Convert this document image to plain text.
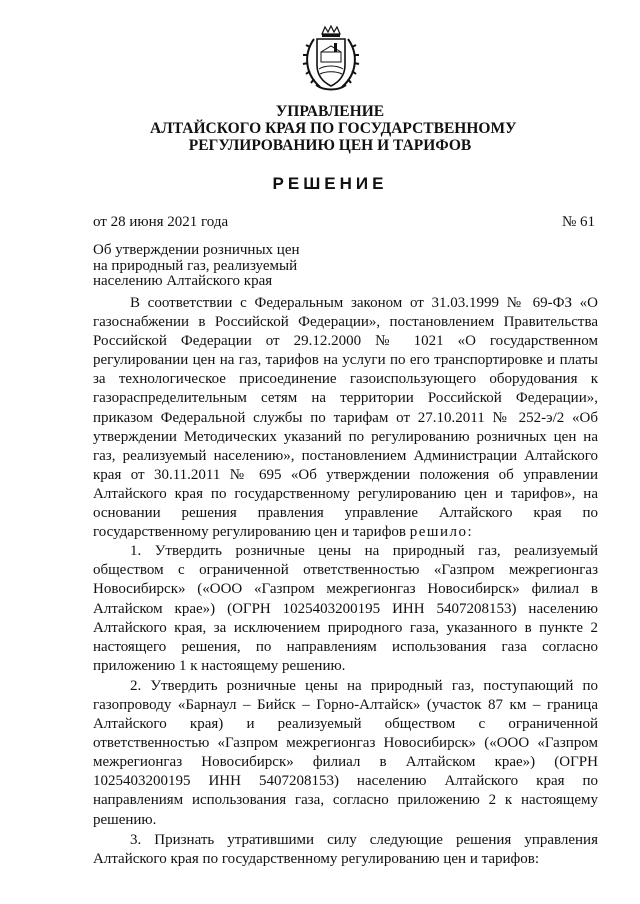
УПРАВЛЕНИЕ
АЛТАЙСКОГО КРАЯ ПО ГОСУДАРСТВЕННОМУ
РЕГУЛИРОВАНИЮ ЦЕН И ТАРИФОВ
РЕШЕНИЕ
от 28 июня 2021 года	№ 61
Об утверждении розничных цен
на природный газ, реализуемый
населению Алтайского края

В соответствии с Федеральным законом от 31.03.1999 № 69-ФЗ «О газоснабжении в Российской Федерации», постановлением Правительства Российской Федерации от 29.12.2000 № 1021 «О государственном регулировании цен на газ, тарифов на услуги по его транспортировке и платы за технологическое присоединение газоиспользующего оборудования к газораспределительным сетям на территории Российской Федерации», приказом Федеральной службы по тарифам от 27.10.2011 № 252-э/2 «Об утверждении Методических указаний по регулированию розничных цен на газ, реализуемый населению», постановлением Администрации Алтайского края от 30.11.2011 № 695 «Об утверждении положения об управлении Алтайского края по государственному регулированию цен и тарифов», на основании решения правления управление Алтайского края по государственному регулированию цен и тарифов решило:

1. Утвердить розничные цены на природный газ, реализуемый обществом с ограниченной ответственностью «Газпром межрегионгаз Новосибирск» («ООО «Газпром межрегионгаз Новосибирск» филиал в Алтайском крае») (ОГРН 1025403200195 ИНН 5407208153) населению Алтайского края, за исключением природного газа, указанного в пункте 2 настоящего решения, по направлениям использования газа согласно приложению 1 к настоящему решению.

2. Утвердить розничные цены на природный газ, поступающий по газопроводу «Барнаул – Бийск – Горно-Алтайск» (участок 87 км – граница Алтайского края) и реализуемый обществом с ограниченной ответственностью «Газпром межрегионгаз Новосибирск» («ООО «Газпром межрегионгаз Новосибирск» филиал в Алтайском крае») (ОГРН 1025403200195 ИНН 5407208153) населению Алтайского края по направлениям использования газа, согласно приложению 2 к настоящему решению.

3. Признать утратившими силу следующие решения управления Алтайского края по государственному регулированию цен и тарифов:
